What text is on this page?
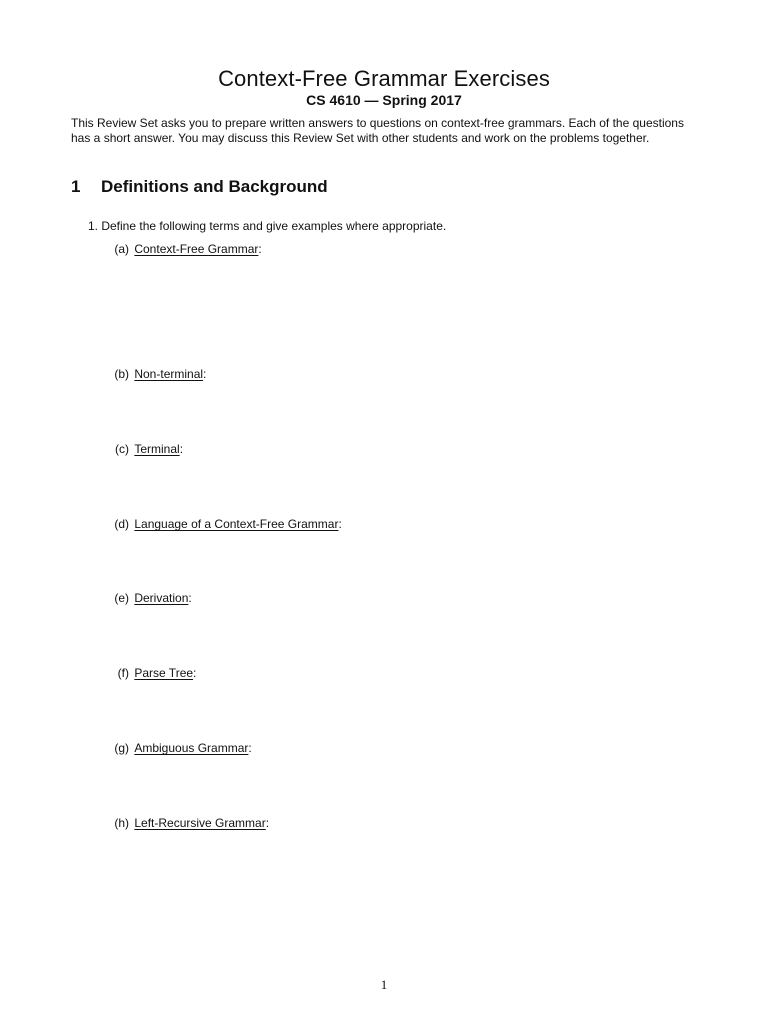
Context-Free Grammar Exercises
CS 4610 — Spring 2017
This Review Set asks you to prepare written answers to questions on context-free grammars. Each of the questions has a short answer. You may discuss this Review Set with other students and work on the problems together.
1 Definitions and Background
1. Define the following terms and give examples where appropriate.
(a) Context-Free Grammar:
(b) Non-terminal:
(c) Terminal:
(d) Language of a Context-Free Grammar:
(e) Derivation:
(f) Parse Tree:
(g) Ambiguous Grammar:
(h) Left-Recursive Grammar:
1
